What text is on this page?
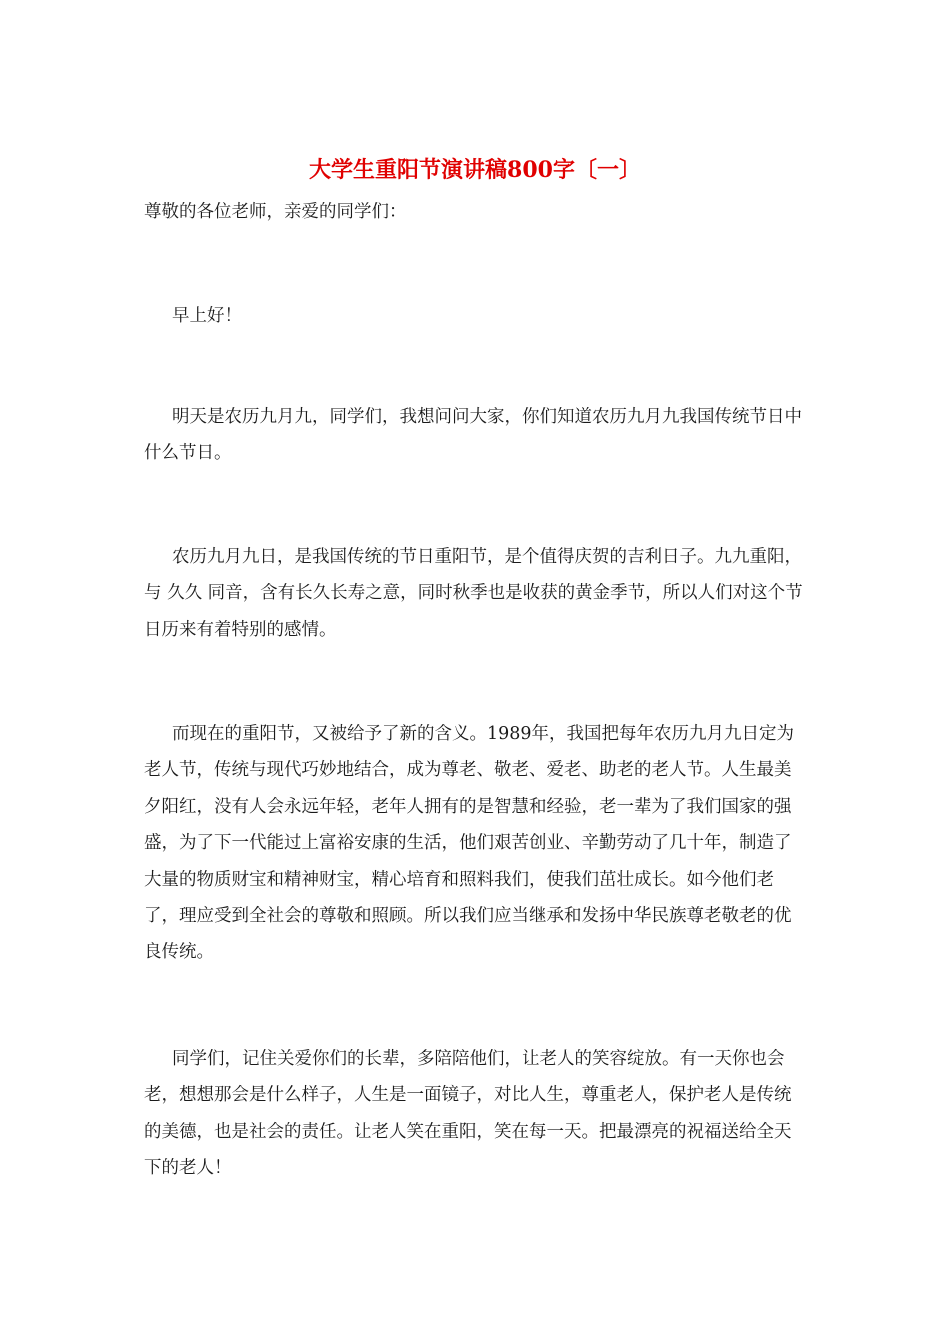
大学生重阳节演讲稿800字〔一〕

尊敬的各位老师，亲爱的同学们：

早上好！

明天是农历九月九，同学们，我想问问大家，你们知道农历九月九我国传统节日中什么节日。

农历九月九日，是我国传统的节日重阳节，是个值得庆贺的吉利日子。九九重阳，与 久久 同音，含有长久长寿之意，同时秋季也是收获的黄金季节，所以人们对这个节日历来有着特别的感情。

而现在的重阳节，又被给予了新的含义。1989年，我国把每年农历九月九日定为老人节，传统与现代巧妙地结合，成为尊老、敬老、爱老、助老的老人节。人生最美夕阳红，没有人会永远年轻，老年人拥有的是智慧和经验，老一辈为了我们国家的强盛，为了下一代能过上富裕安康的生活，他们艰苦创业、辛勤劳动了几十年，制造了大量的物质财宝和精神财宝，精心培育和照料我们，使我们茁壮成长。如今他们老了，理应受到全社会的尊敬和照顾。所以我们应当继承和发扬中华民族尊老敬老的优良传统。

同学们，记住关爱你们的长辈，多陪陪他们，让老人的笑容绽放。有一天你也会老，想想那会是什么样子，人生是一面镜子，对比人生，尊重老人，保护老人是传统的美德，也是社会的责任。让老人笑在重阳，笑在每一天。把最漂亮的祝福送给全天下的老人！
